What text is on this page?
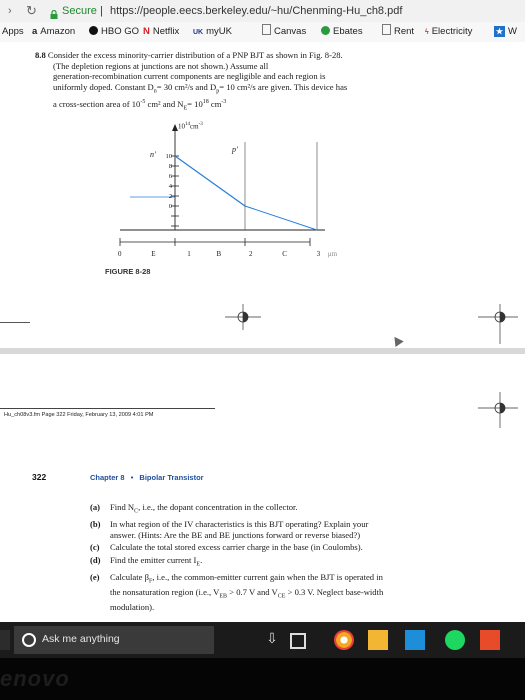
› ↻ Secure | https://people.eecs.berkeley.edu/~hu/Chenming-Hu_ch8.pdf
Apps a Amazon	HBO GO N Netflix UK myUK	Canvas	Ebates	Rent ϟ Electricity	★ W
8.8 Consider the excess minority-carrier distribution of a PNP BJT as shown in Fig. 8-28.
(The depletion regions at junctions are not shown.) Assume all
generation-recombination current components are negligible and each region is
uniformly doped. Constant $D_n= 30$ cm²/s and $D_p= 10$ cm²/s are given. This device has
a cross-section area of $10^{-5}$ cm² and $N_E= 10^{18}$ $cm^{-3}$
$10^{14}cm^{-3}$
n′
p′
10
8
6
4
2
0
0	E	1	B	2	C	3 μm
FIGURE 8-28
Hu_ch08v3.fm Page 322 Friday, February 13, 2009 4:01 PM
322	Chapter 8 • Bipolar Transistor
(a)	Find $N_C$, i.e., the dopant concentration in the collector.
(b)	In what region of the IV characteristics is this BJT operating? Explain your
answer. (Hints: Are the BE and BE junctions forward or reverse biased?)
(c)	Calculate the total stored excess carrier charge in the base (in Coulombs).
(d)	Find the emitter current $I_E$.
(e)	Calculate $\beta_F$, i.e., the common-emitter current gain when the BJT is operated in
the nonsaturation region (i.e., $V_{EB} > 0.7$ V and $V_{CE} > 0.3$ V. Neglect base-width
modulation).
Ask me anything	⇩
enovo
